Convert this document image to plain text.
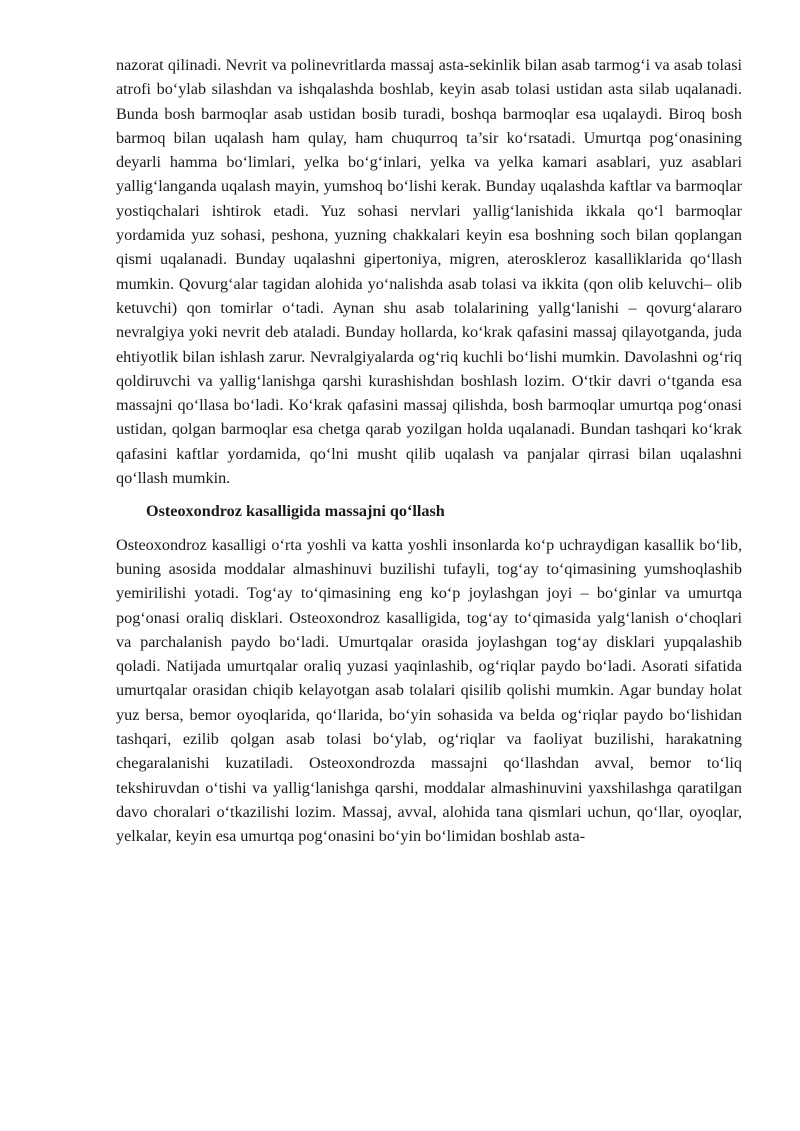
nazorat qilinadi. Nevrit va polinevritlarda massaj asta-sekinlik bilan asab tarmog‘i va asab tolasi atrofi bo‘ylab silashdan va ishqalashda boshlab, keyin asab tolasi ustidan asta silab uqalanadi. Bunda bosh barmoqlar asab ustidan bosib turadi, boshqa barmoqlar esa uqalaydi. Biroq bosh barmoq bilan uqalash ham qulay, ham chuqurroq ta’sir ko‘rsatadi. Umurtqa pog‘onasining deyarli hamma bo‘limlari, yelka bo‘g‘inlari, yelka va yelka kamari asablari, yuz asablari yallig‘langanda uqalash mayin, yumshoq bo‘lishi kerak. Bunday uqalashda kaftlar va barmoqlar yostiqchalari ishtirok etadi. Yuz sohasi nervlari yallig‘lanishida ikkala qo‘l barmoqlar yordamida yuz sohasi, peshona, yuzning chakkalari keyin esa boshning soch bilan qoplangan qismi uqalanadi. Bunday uqalashni gipertoniya, migren, ateroskleroz kasalliklarida qo‘llash mumkin. Qovurg‘alar tagidan alohida yo‘nalishda asab tolasi va ikkita (qon olib keluvchi– olib ketuvchi) qon tomirlar o‘tadi. Aynan shu asab tolalarining yallg‘lanishi – qovurg‘alararo nevralgiya yoki nevrit deb ataladi. Bunday hollarda, ko‘krak qafasini massaj qilayotganda, juda ehtiyotlik bilan ishlash zarur. Nevralgiyalarda og‘riq kuchli bo‘lishi mumkin. Davolashni og‘riq qoldiruvchi va yallig‘lanishga qarshi kurashishdan boshlash lozim. O‘tkir davri o‘tganda esa massajni qo‘llasa bo‘ladi. Ko‘krak qafasini massaj qilishda, bosh barmoqlar umurtqa pog‘onasi ustidan, qolgan barmoqlar esa chetga qarab yozilgan holda uqalanadi. Bundan tashqari ko‘krak qafasini kaftlar yordamida, qo‘lni musht qilib uqalash va panjalar qirrasi bilan uqalashni qo‘llash mumkin.

Osteoxondroz kasalligida massajni qo‘llash

Osteoxondroz kasalligi o‘rta yoshli va katta yoshli insonlarda ko‘p uchraydigan kasallik bo‘lib, buning asosida moddalar almashinuvi buzilishi tufayli, tog‘ay to‘qimasining yumshoqlashib yemirilishi yotadi. Tog‘ay to‘qimasining eng ko‘p joylashgan joyi – bo‘ginlar va umurtqa pog‘onasi oraliq disklari. Osteoxondroz kasalligida, tog‘ay to‘qimasida yalg‘lanish o‘choqlari va parchalanish paydo bo‘ladi. Umurtqalar orasida joylashgan tog‘ay disklari yupqalashib qoladi. Natijada umurtqalar oraliq yuzasi yaqinlashib, og‘riqlar paydo bo‘ladi. Asorati sifatida umurtqalar orasidan chiqib kelayotgan asab tolalari qisilib qolishi mumkin. Agar bunday holat yuz bersa, bemor oyoqlarida, qo‘llarida, bo‘yin sohasida va belda og‘riqlar paydo bo‘lishidan tashqari, ezilib qolgan asab tolasi bo‘ylab, og‘riqlar va faoliyat buzilishi, harakatning chegaralanishi kuzatiladi. Osteoxondrozda massajni qo‘llashdan avval, bemor to‘liq tekshiruvdan o‘tishi va yallig‘lanishga qarshi, moddalar almashinuvini yaxshilashga qaratilgan davo choralari o‘tkazilishi lozim. Massaj, avval, alohida tana qismlari uchun, qo‘llar, oyoqlar, yelkalar, keyin esa umurtqa pog‘onasini bo‘yin bo‘limidan boshlab asta-
